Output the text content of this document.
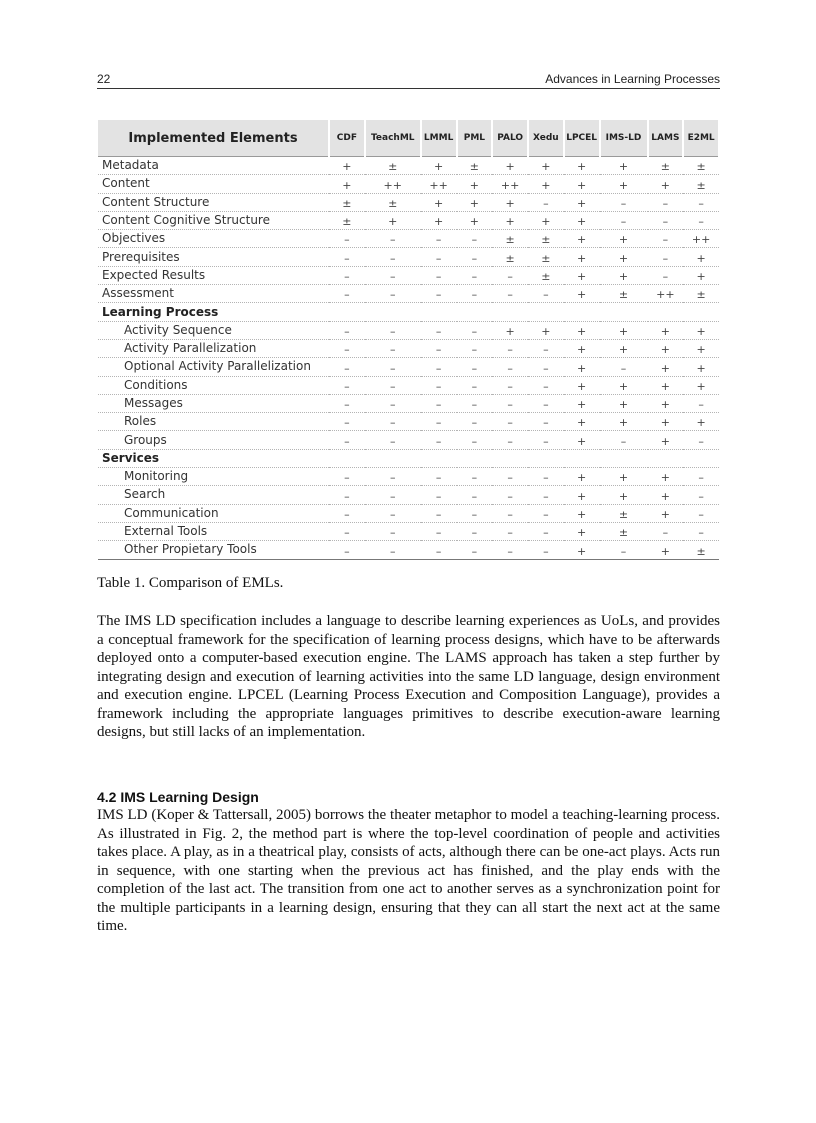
22	Advances in Learning Processes
Implemented Elements	CDF	TeachML	LMML	PML	PALO	Xedu	LPCEL	IMS-LD	LAMS	E2ML
Metadata	+	±	+	±	+	+	+	+	±	±
Content	+	++	++	+	++	+	+	+	+	±
Content Structure	±	±	+	+	+	–	+	–	–	–
Content Cognitive Structure	±	+	+	+	+	+	+	–	–	–
Objectives	–	–	–	–	±	±	+	+	–	++
Prerequisites	–	–	–	–	±	±	+	+	–	+
Expected Results	–	–	–	–	–	±	+	+	–	+
Assessment	–	–	–	–	–	–	+	±	++	±
Learning Process										
Activity Sequence	–	–	–	–	+	+	+	+	+	+
Activity Parallelization	–	–	–	–	–	–	+	+	+	+
Optional Activity Parallelization	–	–	–	–	–	–	+	–	+	+
Conditions	–	–	–	–	–	–	+	+	+	+
Messages	–	–	–	–	–	–	+	+	+	–
Roles	–	–	–	–	–	–	+	+	+	+
Groups	–	–	–	–	–	–	+	–	+	–
Services										
Monitoring	–	–	–	–	–	–	+	+	+	–
Search	–	–	–	–	–	–	+	+	+	–
Communication	–	–	–	–	–	–	+	±	+	–
External Tools	–	–	–	–	–	–	+	±	–	–
Other Propietary Tools	–	–	–	–	–	–	+	–	+	±
Table 1. Comparison of EMLs.

The IMS LD specification includes a language to describe learning experiences as UoLs, and provides a conceptual framework for the specification of learning process designs, which have to be afterwards deployed onto a computer-based execution engine. The LAMS approach has taken a step further by integrating design and execution of learning activities into the same LD language, design environment and execution engine. LPCEL (Learning Process Execution and Composition Language), provides a framework including the appropriate languages primitives to describe execution-aware learning designs, but still lacks of an implementation.

4.2 IMS Learning Design

IMS LD (Koper & Tattersall, 2005) borrows the theater metaphor to model a teaching-learning process. As illustrated in Fig. 2, the method part is where the top-level coordination of people and activities takes place. A play, as in a theatrical play, consists of acts, although there can be one-act plays. Acts run in sequence, with one starting when the previous act has finished, and the play ends with the completion of the last act. The transition from one act to another serves as a synchronization point for the multiple participants in a learning design, ensuring that they can all start the next act at the same time.
